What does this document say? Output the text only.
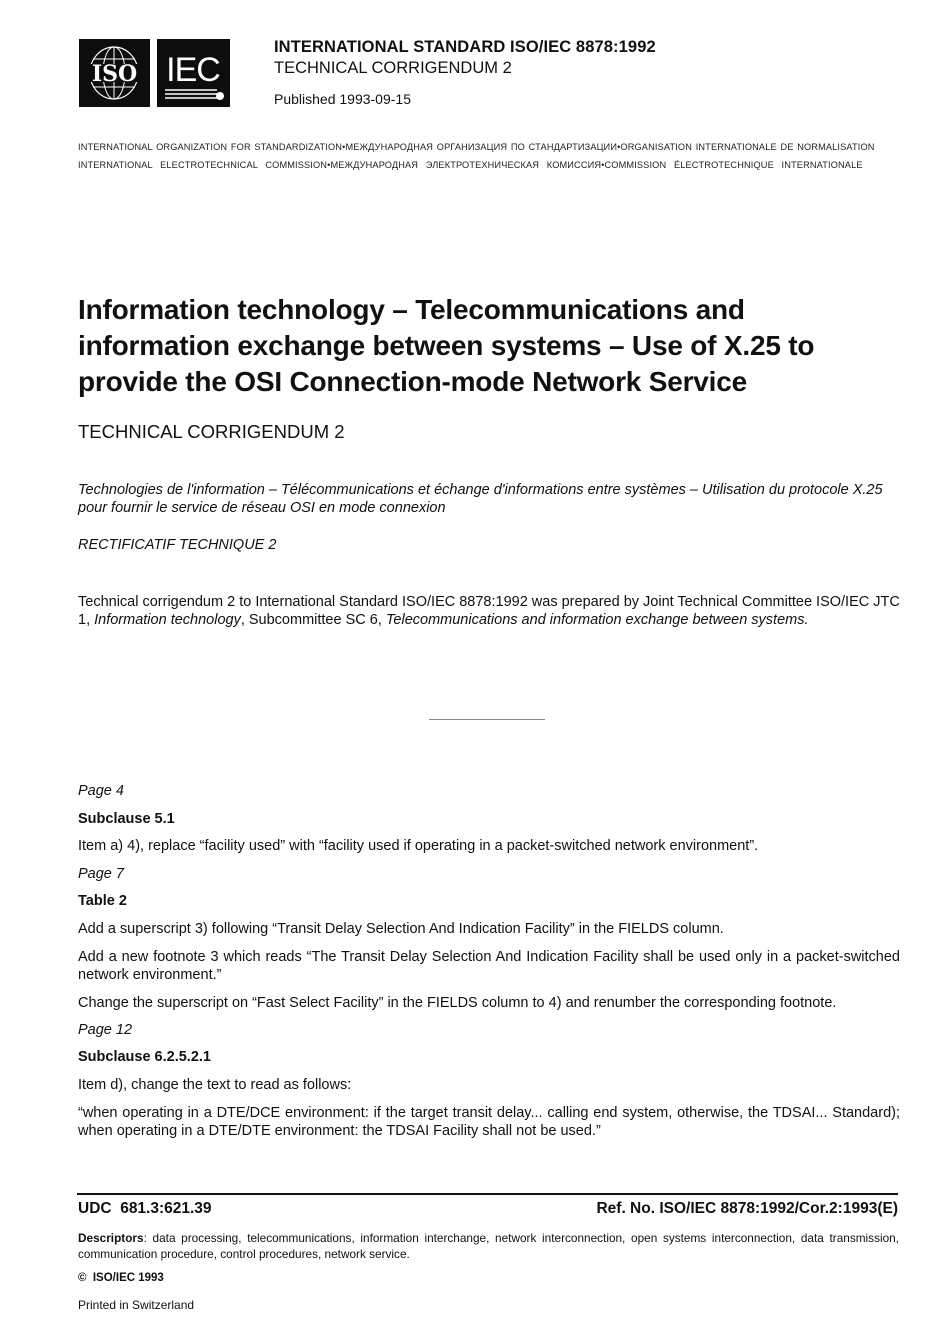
ISO IEC
INTERNATIONAL STANDARD ISO/IEC 8878:1992
TECHNICAL CORRIGENDUM 2
Published 1993-09-15
INTERNATIONAL ORGANIZATION FOR STANDARDIZATION•МЕЖДУНАРОДНАЯ ОРГАНИЗАЦИЯ ПО СТАНДАРТИЗАЦИИ•ORGANISATION INTERNATIONALE DE NORMALISATION
INTERNATIONAL ELECTROTECHNICAL COMMISSION•МЕЖДУНАРОДНАЯ ЭЛЕКТРОТЕХНИЧЕСКАЯ КОМИССИЯ•COMMISSION ÉLECTROTECHNIQUE INTERNATIONALE
Information technology – Telecommunications and information exchange between systems – Use of X.25 to provide the OSI Connection-mode Network Service
TECHNICAL CORRIGENDUM 2
Technologies de l'information – Télécommunications et échange d'informations entre systèmes – Utilisation du protocole X.25 pour fournir le service de réseau OSI en mode connexion
RECTIFICATIF TECHNIQUE 2
Technical corrigendum 2 to International Standard ISO/IEC 8878:1992 was prepared by Joint Technical Committee ISO/IEC JTC 1, Information technology, Subcommittee SC 6, Telecommunications and information exchange between systems.
Page 4
Subclause 5.1
Item a) 4), replace “facility used” with “facility used if operating in a packet-switched network environment”.
Page 7
Table 2
Add a superscript 3) following “Transit Delay Selection And Indication Facility” in the FIELDS column.
Add a new footnote 3 which reads “The Transit Delay Selection And Indication Facility shall be used only in a packet-switched network environment.”
Change the superscript on “Fast Select Facility” in the FIELDS column to 4) and renumber the corresponding footnote.
Page 12
Subclause 6.2.5.2.1
Item d), change the text to read as follows:
“when operating in a DTE/DCE environment: if the target transit delay... calling end system, otherwise, the TDSAI... Standard); when operating in a DTE/DTE environment: the TDSAI Facility shall not be used.”
UDC  681.3:621.39	Ref. No. ISO/IEC 8878:1992/Cor.2:1993(E)
Descriptors: data processing, telecommunications, information interchange, network interconnection, open systems interconnection, data transmission, communication procedure, control procedures, network service.
©  ISO/IEC 1993
Printed in Switzerland
